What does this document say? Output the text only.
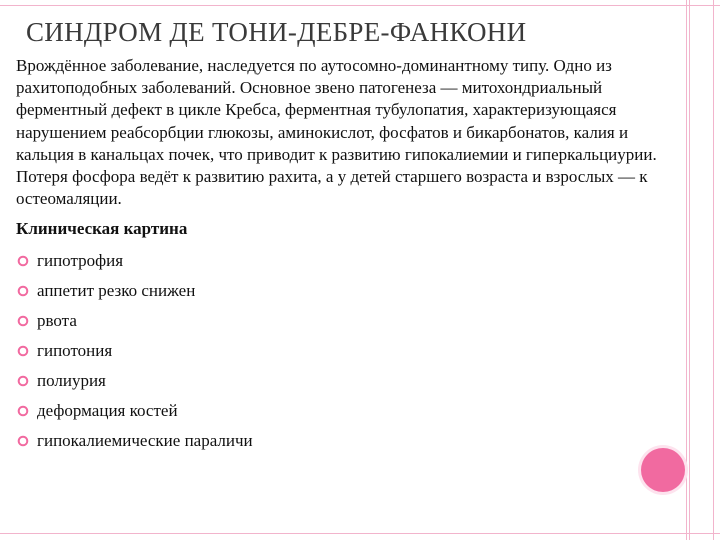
СИНДРОМ ДЕ ТОНИ-ДЕБРЕ-ФАНКОНИ

Врождённое заболевание, наследуется по аутосомно-доминантному типу. Одно из рахитоподобных заболеваний. Основное звено патогенеза — митохондриальный ферментный дефект в цикле Кребса, ферментная тубулопатия, характеризующаяся нарушением реабсорбции глюкозы, аминокислот, фосфатов и бикарбонатов, калия и кальция в канальцах почек, что приводит к развитию гипокалиемии и гиперкальциурии. Потеря фосфора ведёт к развитию рахита, а у детей старшего возраста и взрослых — к остеомаляции.

Клиническая картина
гипотрофия
аппетит резко снижен
рвота
гипотония
полиурия
деформация костей
гипокалиемические параличи
